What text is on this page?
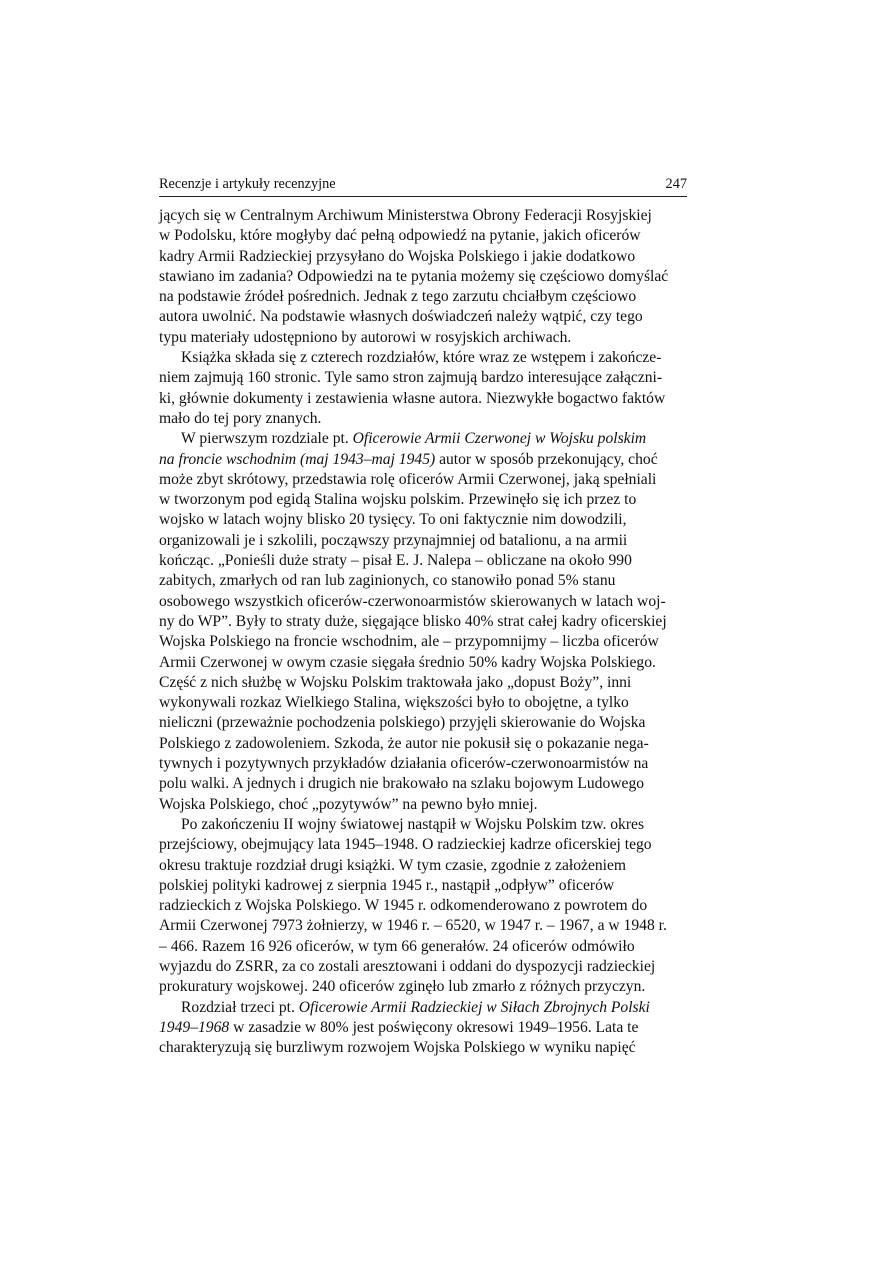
Recenzje i artykuły recenzyjne	247
jących się w Centralnym Archiwum Ministerstwa Obrony Federacji Rosyjskiej
w Podolsku, które mogłyby dać pełną odpowiedź na pytanie, jakich oficerów
kadry Armii Radzieckiej przysyłano do Wojska Polskiego i jakie dodatkowo
stawiano im zadania? Odpowiedzi na te pytania możemy się częściowo domyślać
na podstawie źródeł pośrednich. Jednak z tego zarzutu chciałbym częściowo
autora uwolnić. Na podstawie własnych doświadczeń należy wątpić, czy tego
typu materiały udostępniono by autorowi w rosyjskich archiwach.
Książka składa się z czterech rozdziałów, które wraz ze wstępem i zakończe-
niem zajmują 160 stronic. Tyle samo stron zajmują bardzo interesujące załączni-
ki, głównie dokumenty i zestawienia własne autora. Niezwykłe bogactwo faktów
mało do tej pory znanych.
W pierwszym rozdziale pt. Oficerowie Armii Czerwonej w Wojsku polskim
na froncie wschodnim (maj 1943–maj 1945) autor w sposób przekonujący, choć
może zbyt skrótowy, przedstawia rolę oficerów Armii Czerwonej, jaką spełniali
w tworzonym pod egidą Stalina wojsku polskim. Przewinęło się ich przez to
wojsko w latach wojny blisko 20 tysięcy. To oni faktycznie nim dowodzili,
organizowali je i szkolili, począwszy przynajmniej od batalionu, a na armii
kończąc. „Ponieśli duże straty – pisał E. J. Nalepa – obliczane na około 990
zabitych, zmarłych od ran lub zaginionych, co stanowiło ponad 5% stanu
osobowego wszystkich oficerów-czerwonoarmistów skierowanych w latach woj-
ny do WP”. Były to straty duże, sięgające blisko 40% strat całej kadry oficerskiej
Wojska Polskiego na froncie wschodnim, ale – przypomnijmy – liczba oficerów
Armii Czerwonej w owym czasie sięgała średnio 50% kadry Wojska Polskiego.
Część z nich służbę w Wojsku Polskim traktowała jako „dopust Boży”, inni
wykonywali rozkaz Wielkiego Stalina, większości było to obojętne, a tylko
nieliczni (przeważnie pochodzenia polskiego) przyjęli skierowanie do Wojska
Polskiego z zadowoleniem. Szkoda, że autor nie pokusił się o pokazanie nega-
tywnych i pozytywnych przykładów działania oficerów-czerwonoarmistów na
polu walki. A jednych i drugich nie brakowało na szlaku bojowym Ludowego
Wojska Polskiego, choć „pozytywów” na pewno było mniej.
Po zakończeniu II wojny światowej nastąpił w Wojsku Polskim tzw. okres
przejściowy, obejmujący lata 1945–1948. O radzieckiej kadrze oficerskiej tego
okresu traktuje rozdział drugi książki. W tym czasie, zgodnie z założeniem
polskiej polityki kadrowej z sierpnia 1945 r., nastąpił „odpływ” oficerów
radzieckich z Wojska Polskiego. W 1945 r. odkomenderowano z powrotem do
Armii Czerwonej 7973 żołnierzy, w 1946 r. – 6520, w 1947 r. – 1967, a w 1948 r.
– 466. Razem 16 926 oficerów, w tym 66 generałów. 24 oficerów odmówiło
wyjazdu do ZSRR, za co zostali aresztowani i oddani do dyspozycji radzieckiej
prokuratury wojskowej. 240 oficerów zginęło lub zmarło z różnych przyczyn.
Rozdział trzeci pt. Oficerowie Armii Radzieckiej w Siłach Zbrojnych Polski
1949–1968 w zasadzie w 80% jest poświęcony okresowi 1949–1956. Lata te
charakteryzują się burzliwym rozwojem Wojska Polskiego w wyniku napięć
